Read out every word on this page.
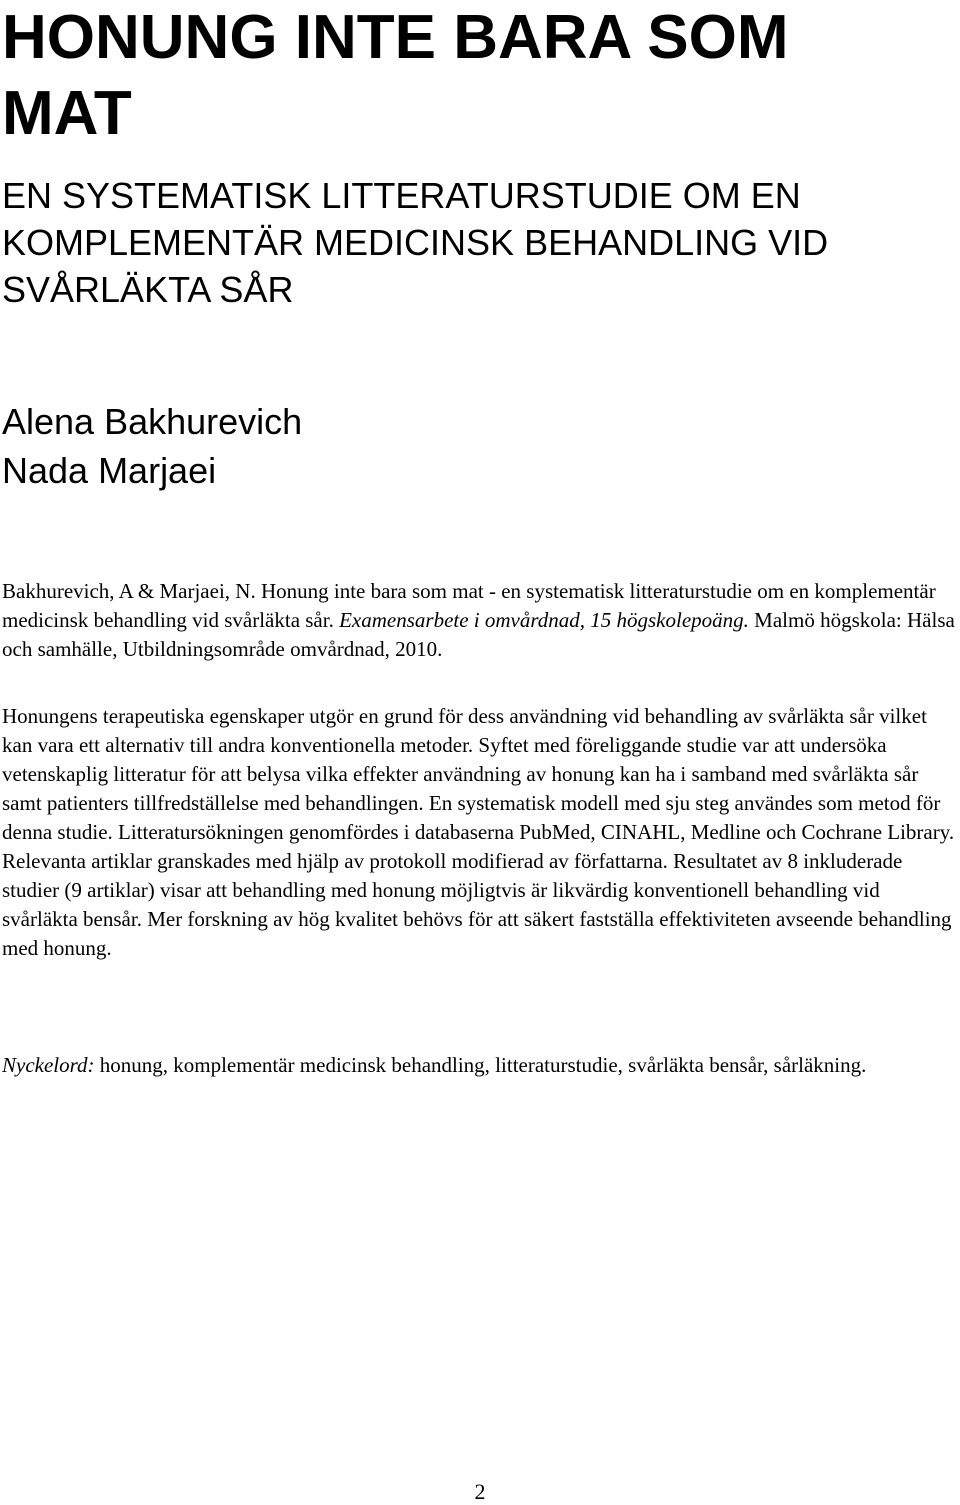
HONUNG INTE BARA SOM MAT
EN SYSTEMATISK LITTERATURSTUDIE OM EN KOMPLEMENTÄR MEDICINSK BEHANDLING VID SVÅRLÄKTA SÅR
Alena Bakhurevich
Nada Marjaei

Bakhurevich, A & Marjaei, N. Honung inte bara som mat - en systematisk litteraturstudie om en komplementär medicinsk behandling vid svårläkta sår. Examensarbete i omvårdnad, 15 högskolepoäng. Malmö högskola: Hälsa och samhälle, Utbildningsområde omvårdnad, 2010.

Honungens terapeutiska egenskaper utgör en grund för dess användning vid behandling av svårläkta sår vilket kan vara ett alternativ till andra konventionella metoder. Syftet med föreliggande studie var att undersöka vetenskaplig litteratur för att belysa vilka effekter användning av honung kan ha i samband med svårläkta sår samt patienters tillfredställelse med behandlingen. En systematisk modell med sju steg användes som metod för denna studie. Litteratursökningen genomfördes i databaserna PubMed, CINAHL, Medline och Cochrane Library. Relevanta artiklar granskades med hjälp av protokoll modifierad av författarna. Resultatet av 8 inkluderade studier (9 artiklar) visar att behandling med honung möjligtvis är likvärdig konventionell behandling vid svårläkta bensår. Mer forskning av hög kvalitet behövs för att säkert fastställa effektiviteten avseende behandling med honung.

Nyckelord: honung, komplementär medicinsk behandling, litteraturstudie, svårläkta bensår, sårläkning.

2
